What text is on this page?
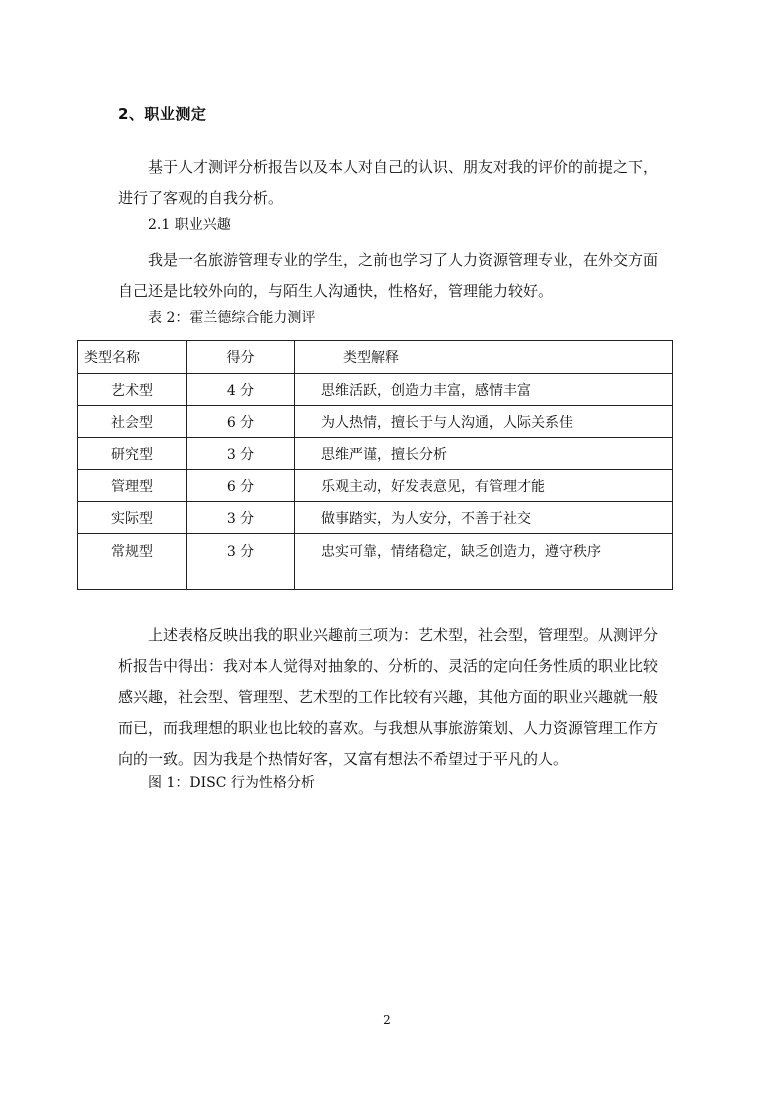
2、职业测定

基于人才测评分析报告以及本人对自己的认识、朋友对我的评价的前提之下，进行了客观的自我分析。

2.1 职业兴趣

我是一名旅游管理专业的学生，之前也学习了人力资源管理专业，在外交方面自己还是比较外向的，与陌生人沟通快，性格好，管理能力较好。

表 2：霍兰德综合能力测评
类型名称	得分	类型解释
艺术型	4 分	思维活跃，创造力丰富，感情丰富
社会型	6 分	为人热情，擅长于与人沟通，人际关系佳
研究型	3 分	思维严谨，擅长分析
管理型	6 分	乐观主动，好发表意见，有管理才能
实际型	3 分	做事踏实，为人安分，不善于社交
常规型	3 分	忠实可靠，情绪稳定，缺乏创造力，遵守秩序

上述表格反映出我的职业兴趣前三项为：艺术型，社会型，管理型。从测评分析报告中得出：我对本人觉得对抽象的、分析的、灵活的定向任务性质的职业比较感兴趣，社会型、管理型、艺术型的工作比较有兴趣，其他方面的职业兴趣就一般而已，而我理想的职业也比较的喜欢。与我想从事旅游策划、人力资源管理工作方向的一致。因为我是个热情好客，又富有想法不希望过于平凡的人。

图 1：DISC 行为性格分析
2
